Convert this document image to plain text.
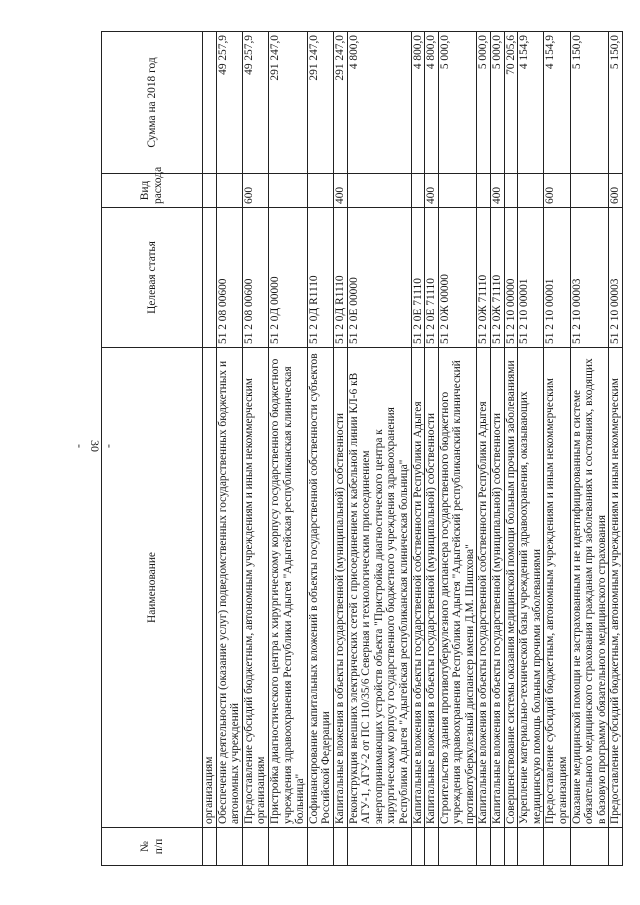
- 30 -
№ п/п	Наименование	Целевая статья	Вид расхода	Сумма на 2018 год
	организациям			
	Обеспечение деятельности (оказание услуг) подведомственных государственных бюджетных и автономных учреждений	51 2 08 00600		49 257,9
	Предоставление субсидий бюджетным, автономным учреждениям и иным некоммерческим организациям	51 2 08 00600	600	49 257,9
	Пристройка диагностического центра к хирургическому корпусу государственного бюджетного учреждения здравоохранения Республики Адыгея "Адыгейская республиканская клиническая больница"	51 2 0Д 00000		291 247,0
	Софинансирование капитальных вложений в объекты государственной собственности субъектов Российской Федерации	51 2 0Д R1110		291 247,0
	Капитальные вложения в объекты государственной (муниципальной) собственности	51 2 0Д R1110	400	291 247,0
	Реконструкция внешних электрических сетей с присоединением к кабельной линии КЛ-6 кВ АГУ-1, АГУ-2 от ПС 110/35/6 Северная и технологическим присоединением энергопринимающих устройств объекта "Пристройка диагностического центра к хирургическому корпусу государственного бюджетного учреждения здравоохранения Республики Адыгея "Адыгейская республиканская клиническая больница"	51 2 0Е 00000		4 800,0
	Капитальные вложения в объекты государственной собственности Республики Адыгея	51 2 0Е 71110		4 800,0
	Капитальные вложения в объекты государственной (муниципальной) собственности	51 2 0Е 71110	400	4 800,0
	Строительство здания противотуберкулезного диспансера государственного бюджетного учреждения здравоохранения Республики Адыгея "Адыгейский республиканский клинический противотуберкулезный диспансер имени Д.М. Шишхова"	51 2 0Ж 00000		5 000,0
	Капитальные вложения в объекты государственной собственности Республики Адыгея	51 2 0Ж 71110		5 000,0
	Капитальные вложения в объекты государственной (муниципальной) собственности	51 2 0Ж 71110	400	5 000,0
	Совершенствование системы оказания медицинской помощи больным прочими заболеваниями	51 2 10 00000		70 205,6
	Укрепление материально-технической базы учреждений здравоохранения, оказывающих медицинскую помощь больным прочими заболеваниями	51 2 10 00001		4 154,9
	Предоставление субсидий бюджетным, автономным учреждениям и иным некоммерческим организациям	51 2 10 00001	600	4 154,9
	Оказание медицинской помощи не застрахованным и не идентифицированным в системе обязательного медицинского страхования гражданам при заболеваниях и состояниях, входящих в базовую программу обязательного медицинского страхования	51 2 10 00003		5 150,0
	Предоставление субсидий бюджетным, автономным учреждениям и иным некоммерческим	51 2 10 00003	600	5 150,0
